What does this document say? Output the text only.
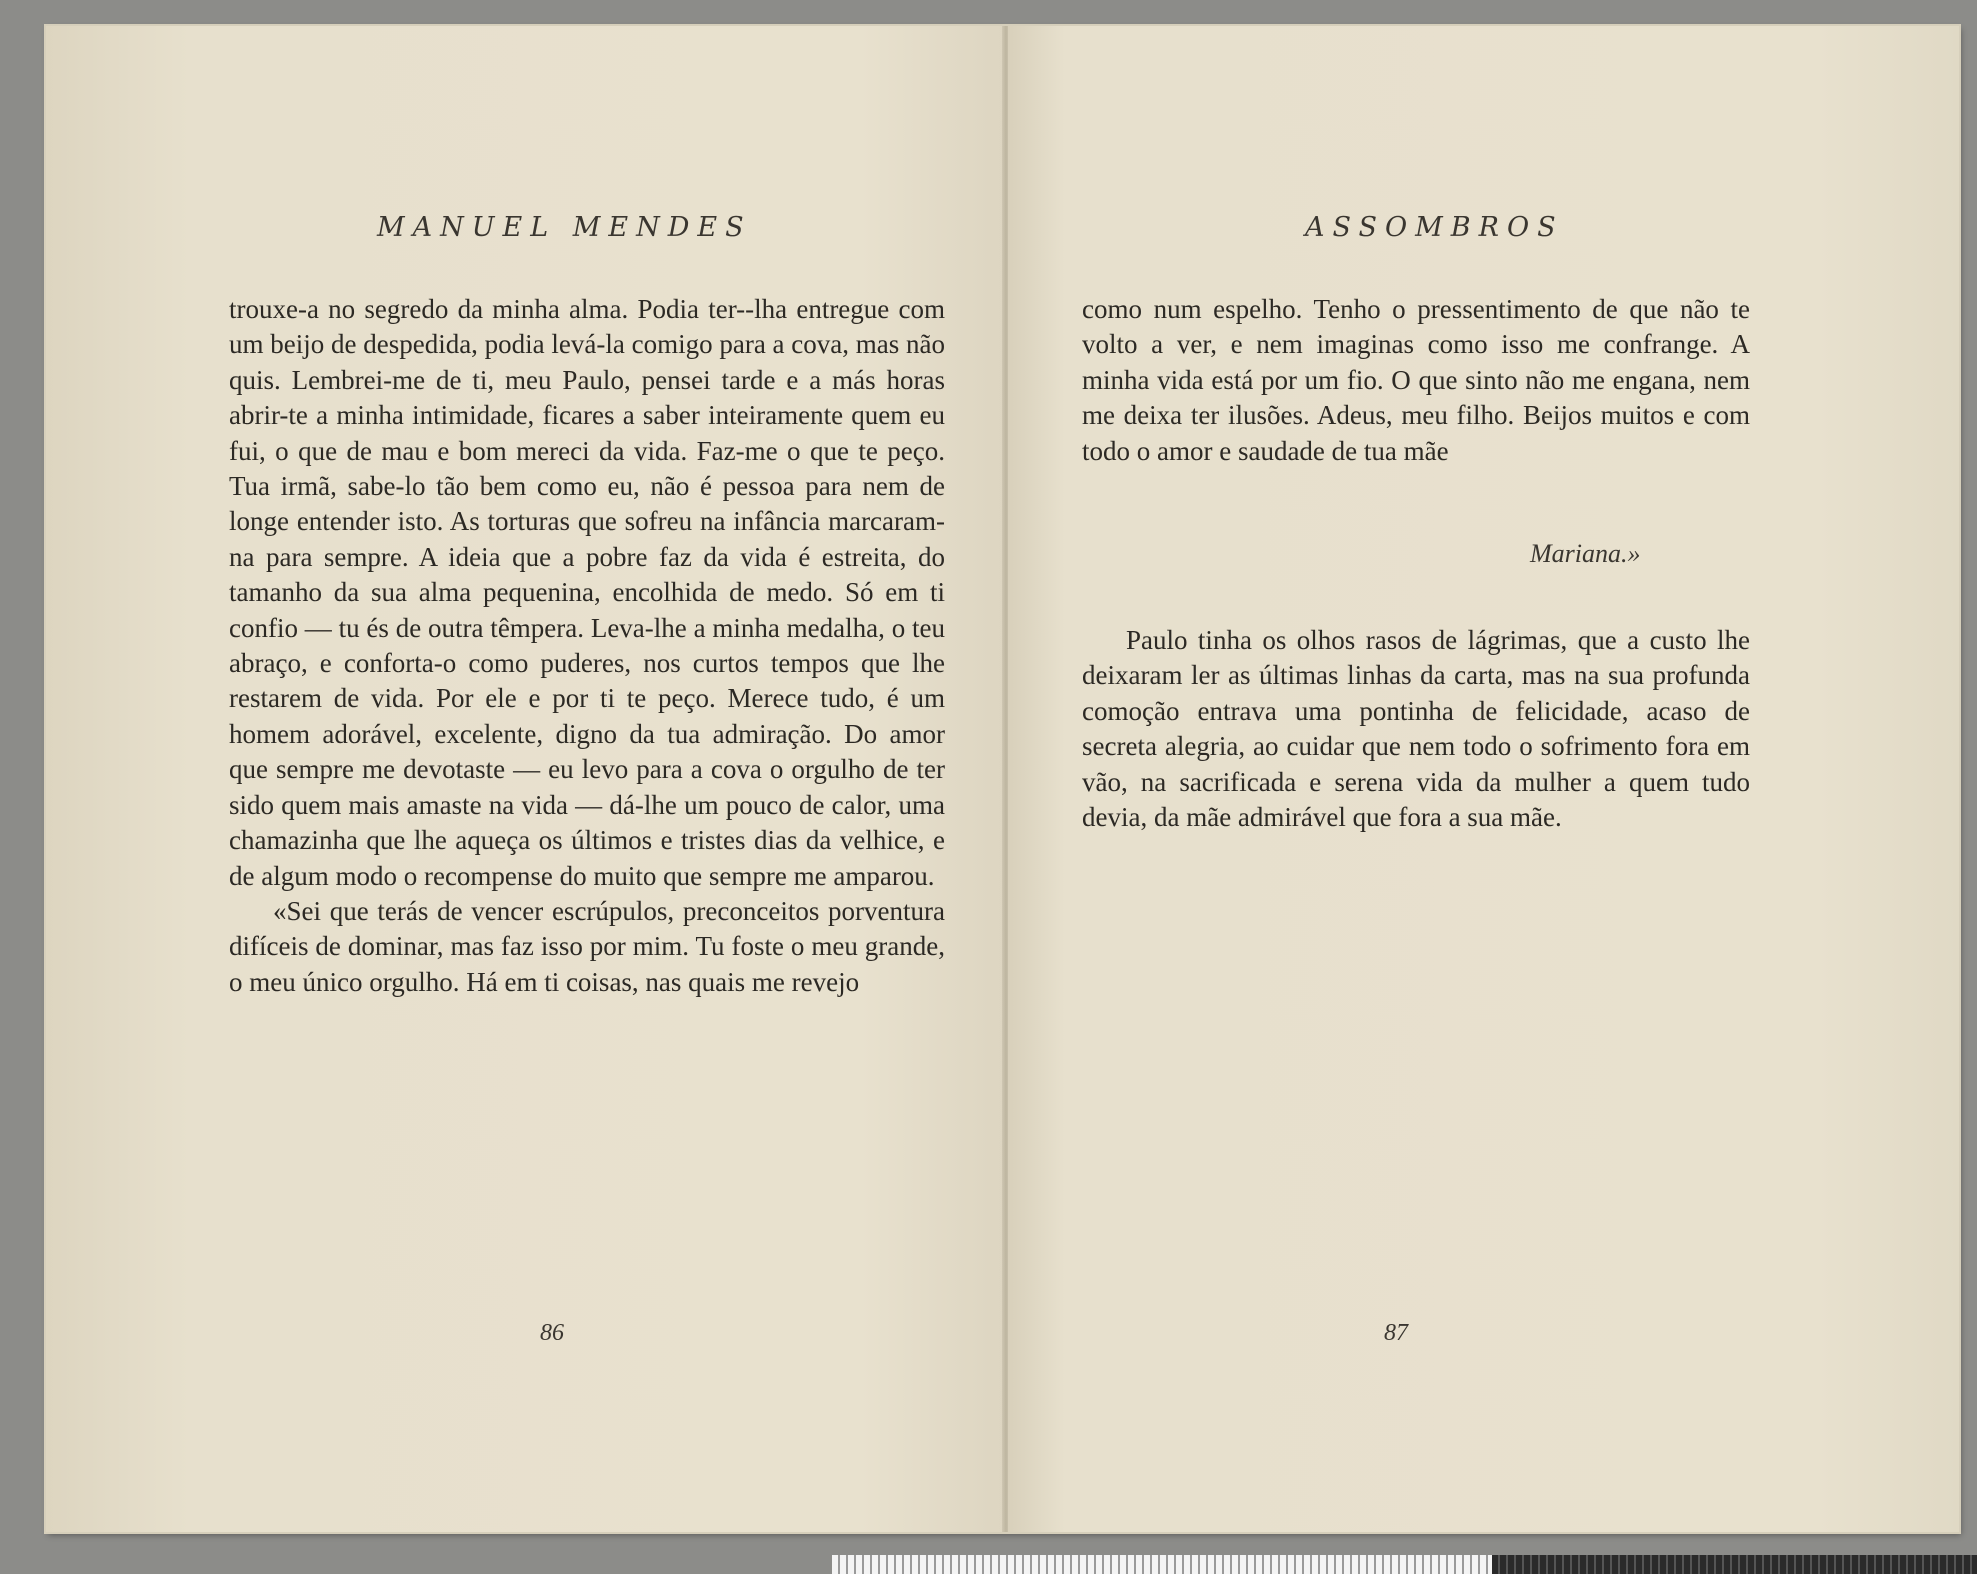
MANUEL MENDES

trouxe-a no segredo da minha alma. Podia ter--lha entregue com um beijo de despedida, podia levá-la comigo para a cova, mas não quis. Lembrei-me de ti, meu Paulo, pensei tarde e a más horas abrir-te a minha intimidade, ficares a saber inteiramente quem eu fui, o que de mau e bom mereci da vida. Faz-me o que te peço. Tua irmã, sabe-lo tão bem como eu, não é pessoa para nem de longe entender isto. As torturas que sofreu na infância marcaram-na para sempre. A ideia que a pobre faz da vida é estreita, do tamanho da sua alma pequenina, encolhida de medo. Só em ti confio — tu és de outra têmpera. Leva-lhe a minha medalha, o teu abraço, e conforta-o como puderes, nos curtos tempos que lhe restarem de vida. Por ele e por ti te peço. Merece tudo, é um homem adorável, excelente, digno da tua admiração. Do amor que sempre me devotaste — eu levo para a cova o orgulho de ter sido quem mais amaste na vida — dá-lhe um pouco de calor, uma chamazinha que lhe aqueça os últimos e tristes dias da velhice, e de algum modo o recompense do muito que sempre me amparou.

«Sei que terás de vencer escrúpulos, preconceitos porventura difíceis de dominar, mas faz isso por mim. Tu foste o meu grande, o meu único orgulho. Há em ti coisas, nas quais me revejo

86
ASSOMBROS

como num espelho. Tenho o pressentimento de que não te volto a ver, e nem imaginas como isso me confrange. A minha vida está por um fio. O que sinto não me engana, nem me deixa ter ilusões. Adeus, meu filho. Beijos muitos e com todo o amor e saudade de tua mãe

Mariana.»

Paulo tinha os olhos rasos de lágrimas, que a custo lhe deixaram ler as últimas linhas da carta, mas na sua profunda comoção entrava uma pontinha de felicidade, acaso de secreta alegria, ao cuidar que nem todo o sofrimento fora em vão, na sacrificada e serena vida da mulher a quem tudo devia, da mãe admirável que fora a sua mãe.

87
